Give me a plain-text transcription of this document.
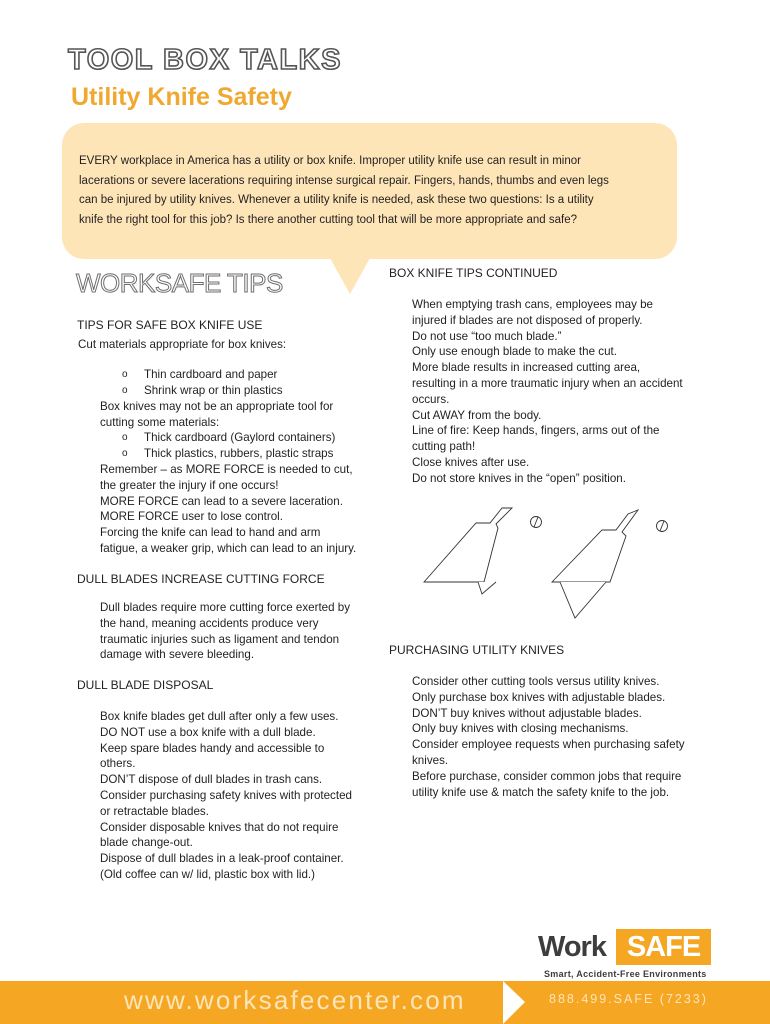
TOOL BOX TALKS
Utility Knife Safety
EVERY workplace in America has a utility or box knife. Improper utility knife use can result in minor
lacerations or severe lacerations requiring intense surgical repair. Fingers, hands, thumbs and even legs
can be injured by utility knives. Whenever a utility knife is needed, ask these two questions: Is a utility
knife the right tool for this job? Is there another cutting tool that will be more appropriate and safe?
WORKSAFE TIPS
TIPS FOR SAFE BOX KNIFE USE
Cut materials appropriate for box knives:
o Thin cardboard and paper
o Shrink wrap or thin plastics
Box knives may not be an appropriate tool for
cutting some materials:
o Thick cardboard (Gaylord containers)
o Thick plastics, rubbers, plastic straps
Remember – as MORE FORCE is needed to cut,
the greater the injury if one occurs!
MORE FORCE can lead to a severe laceration.
MORE FORCE user to lose control.
Forcing the knife can lead to hand and arm
fatigue, a weaker grip, which can lead to an injury.
DULL BLADES INCREASE CUTTING FORCE
Dull blades require more cutting force exerted by
the hand, meaning accidents produce very
traumatic injuries such as ligament and tendon
damage with severe bleeding.
DULL BLADE DISPOSAL
Box knife blades get dull after only a few uses.
DO NOT use a box knife with a dull blade.
Keep spare blades handy and accessible to
others.
DON’T dispose of dull blades in trash cans.
Consider purchasing safety knives with protected
or retractable blades.
Consider disposable knives that do not require
blade change-out.
Dispose of dull blades in a leak-proof container.
(Old coffee can w/ lid, plastic box with lid.)
BOX KNIFE TIPS CONTINUED
When emptying trash cans, employees may be
injured if blades are not disposed of properly.
Do not use “too much blade.”
Only use enough blade to make the cut.
More blade results in increased cutting area,
resulting in a more traumatic injury when an accident
occurs.
Cut AWAY from the body.
Line of fire: Keep hands, fingers, arms out of the
cutting path!
Close knives after use.
Do not store knives in the “open” position.
PURCHASING UTILITY KNIVES
Consider other cutting tools versus utility knives.
Only purchase box knives with adjustable blades.
DON’T buy knives without adjustable blades.
Only buy knives with closing mechanisms.
Consider employee requests when purchasing safety
knives.
Before purchase, consider common jobs that require
utility knife use & match the safety knife to the job.
Work SAFE
Smart, Accident-Free Environments
www.worksafecenter.com	888.499.SAFE (7233)
